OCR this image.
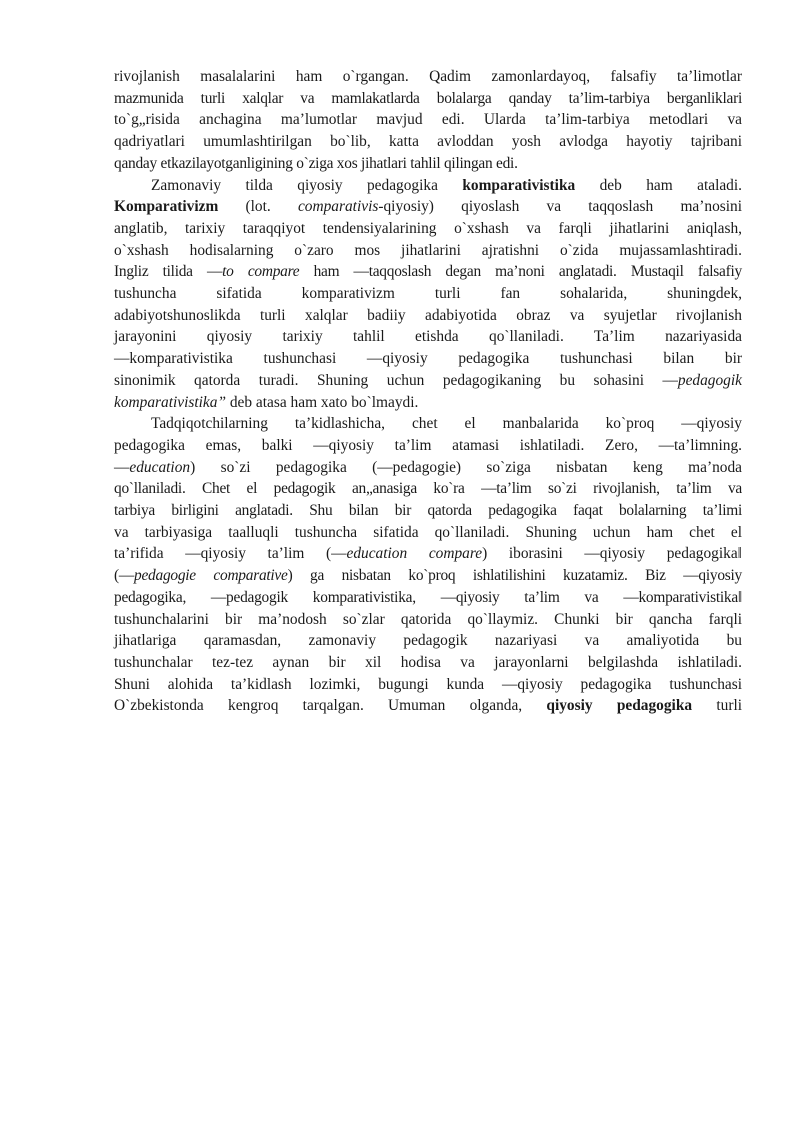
rivojlanish masalalarini ham o`rgangan. Qadim zamonlardayoq, falsafiy ta’limotlar
mazmunida turli xalqlar va mamlakatlarda bolalarga qanday ta’lim-tarbiya berganliklari
to`g„risida anchagina ma’lumotlar mavjud edi. Ularda ta’lim-tarbiya metodlari va
qadriyatlari umumlashtirilgan bo`lib, katta avloddan yosh avlodga hayotiy tajribani
qanday etkazilayotganligining o`ziga xos jihatlari tahlil qilingan edi.
Zamonaviy tilda qiyosiy pedagogika komparativistika deb ham ataladi.
Komparativizm (lot. comparativis-qiyosiy) qiyoslash va taqqoslash ma’nosini
anglatib, tarixiy taraqqiyot tendensiyalarining o`xshash va farqli jihatlarini aniqlash,
o`xshash hodisalarning o`zaro mos jihatlarini ajratishni o`zida mujassamlashtiradi.
Ingliz tilida ―to compare ham ―taqqoslash degan ma’noni anglatadi. Mustaqil falsafiy
tushuncha sifatida komparativizm turli fan sohalarida, shuningdek,
adabiyotshunoslikda turli xalqlar badiiy adabiyotida obraz va syujetlar rivojlanish
jarayonini qiyosiy tarixiy tahlil etishda qo`llaniladi. Ta’lim nazariyasida
―komparativistika tushunchasi ―qiyosiy pedagogika tushunchasi bilan bir
sinonimik qatorda turadi. Shuning uchun pedagogikaning bu sohasini ―pedagogik
komparativistika” deb atasa ham xato bo`lmaydi.
Tadqiqotchilarning ta’kidlashicha, chet el manbalarida ko`proq ―qiyosiy
pedagogika emas, balki ―qiyosiy ta’lim atamasi ishlatiladi. Zero, ―ta’limning.
―education) so`zi pedagogika (―pedagogie) so`ziga nisbatan keng ma’noda
qo`llaniladi. Chet el pedagogik an„anasiga ko`ra ―ta’lim so`zi rivojlanish, ta’lim va
tarbiya birligini anglatadi. Shu bilan bir qatorda pedagogika faqat bolalarning ta’limi
va tarbiyasiga taalluqli tushuncha sifatida qo`llaniladi. Shuning uchun ham chet el
ta’rifida ―qiyosiy ta’lim (―education compare) iborasini ―qiyosiy pedagogika‖
(―pedagogie comparative) ga nisbatan ko`proq ishlatilishini kuzatamiz. Biz ―qiyosiy
pedagogika, ―pedagogik komparativistika, ―qiyosiy ta’lim va ―komparativistika‖
tushunchalarini bir ma’nodosh so`zlar qatorida qo`llaymiz. Chunki bir qancha farqli
jihatlariga qaramasdan, zamonaviy pedagogik nazariyasi va amaliyotida bu
tushunchalar tez-tez aynan bir xil hodisa va jarayonlarni belgilashda ishlatiladi.
Shuni alohida ta’kidlash lozimki, bugungi kunda ―qiyosiy pedagogika tushunchasi
O`zbekistonda kengroq tarqalgan. Umuman olganda, qiyosiy pedagogika turli
